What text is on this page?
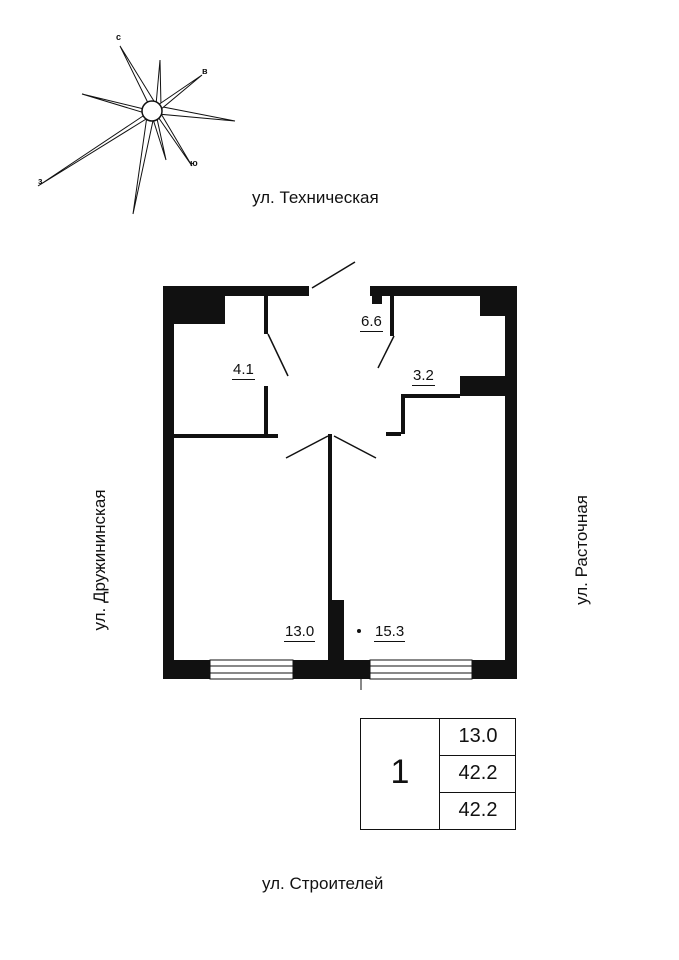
с
в
ю
з
ул. Техническая
ул. Строителей
ул. Дружининская	ул. Расточная
6.6
4.1	3.2
13.0	15.3
1
13.0
42.2
42.2
